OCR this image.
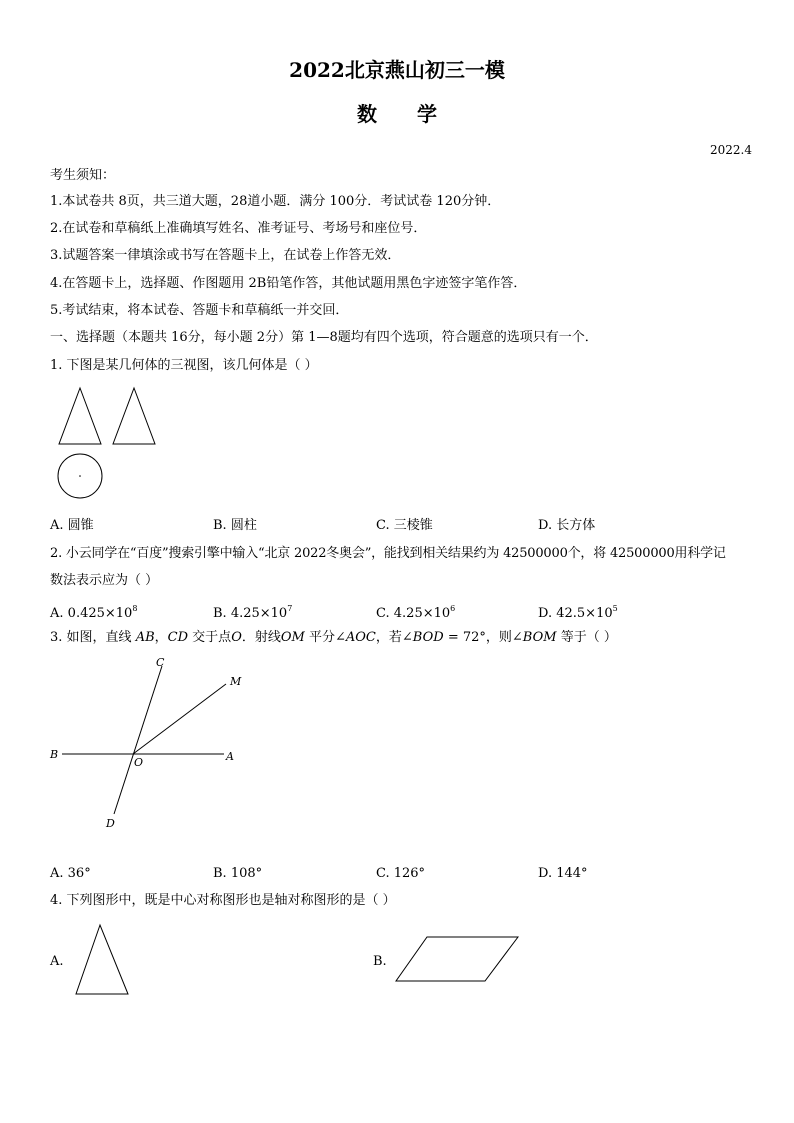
2022北京燕山初三一模
数学
2022.4
考生须知：
1.本试卷共 8页，共三道大题，28道小题．满分 100分．考试试卷 120分钟．
2.在试卷和草稿纸上准确填写姓名、准考证号、考场号和座位号．
3.试题答案一律填涂或书写在答题卡上，在试卷上作答无效．
4.在答题卡上，选择题、作图题用 2B铅笔作答，其他试题用黑色字迹签字笔作答．
5.考试结束，将本试卷、答题卡和草稿纸一并交回．
一、选择题（本题共 16分，每小题 2分）第 1—8题均有四个选项，符合题意的选项只有一个．
1. 下图是某几何体的三视图，该几何体是（ ）
A. 圆锥	B. 圆柱	C. 三棱锥	D. 长方体
2. 小云同学在“百度”搜索引擎中输入“北京 2022冬奥会”，能找到相关结果约为 42500000个，将 42500000用科学记
数法表示应为（ ）
A. $0.425\times 10^8$	B. $4.25\times 10^7$	C. $4.25\times 10^6$	D. $42.5\times 10^5$
3. 如图，直线 AB，CD 交于点O．射线OM 平分∠AOC，若∠BOD = 72°，则∠BOM 等于（ ）
C
M
B
O	A
D
A. 36°	B. 108°	C. 126°	D. 144°
4. 下列图形中，既是中心对称图形也是轴对称图形的是（ ）
A.	B.
